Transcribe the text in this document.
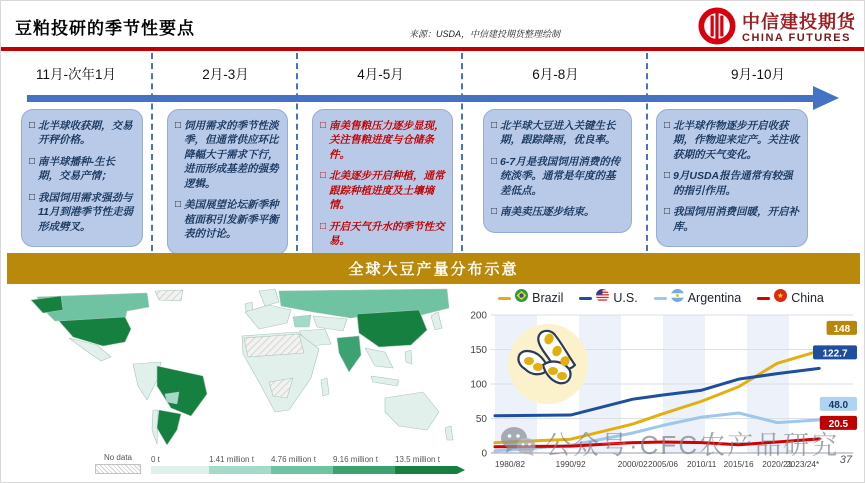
豆粕投研的季节性要点	来源：USDA，中信建投期货整理绘制
中信建投期货
CHINA FUTURES
11月-次年1月
□ 北半球收获期，交易开秤价格。
□ 南半球播种-生长期，交易产情；
□ 我国饲用需求强劲与11月到港季节性走弱形成劈叉。
2月-3月
□ 饲用需求的季节性淡季，但通常供应环比降幅大于需求下行，进而形成基差的强势逻辑。
□ 美国展望论坛新季种植面积引发新季平衡表的讨论。
4月-5月
□ 南美售粮压力逐步显现，关注售粮进度与仓储条件。
□ 北美逐步开启种植，通常跟踪种植进度及土壤墒情。
□ 开启天气升水的季节性交易。
6月-8月
□ 北半球大豆进入关键生长期，跟踪降雨，优良率。
□ 6-7月是我国饲用消费的传统淡季。通常是年度的基差低点。
□ 南美卖压逐步结束。
9月-10月
□ 北半球作物逐步开启收获期，作物迎来定产。关注收获期的天气变化。
□ 9月USDA报告通常有较强的指引作用。
□ 我国饲用消费回暖，开启补库。
全球大豆产量分布示意
No data 0 t	1.41 million t 4.76 million t 9.16 million t 13.5 million t
Brazil	U.S.	Argentina	★ China
0
50
100
150
200
1980/82	1990/92	2000/02 2005/06 2010/11 2015/16 2020/21
2023/24*
148
122.7
48.0
20.5
公众号·CFC农产品研究 37
